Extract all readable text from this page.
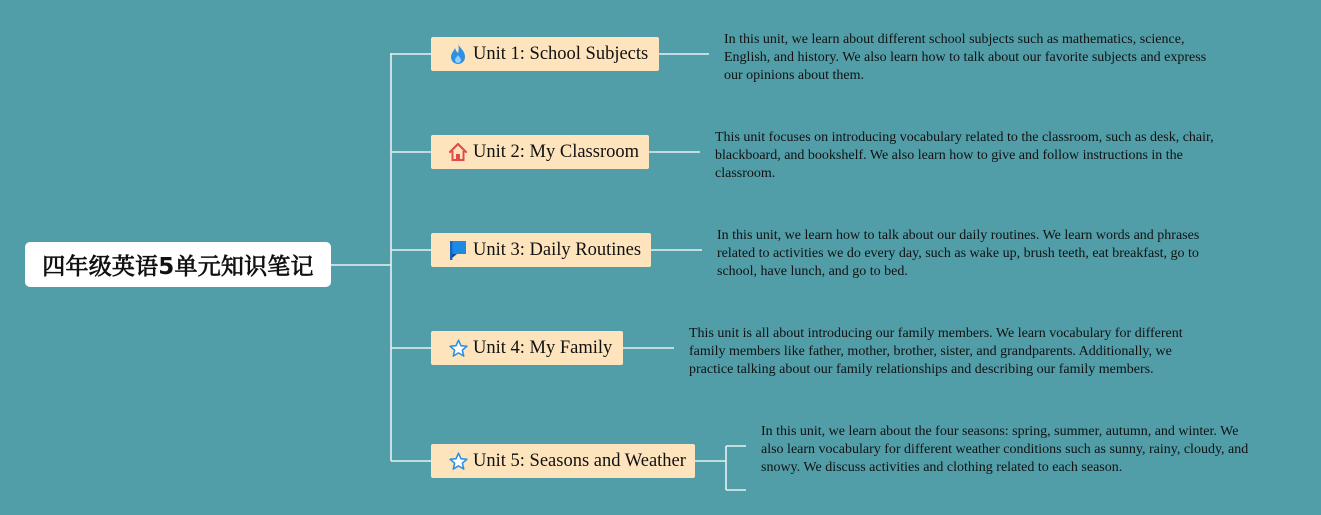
四年级英语5单元知识笔记
Unit 1: School Subjects
In this unit, we learn about different school subjects such as mathematics, science, English, and history. We also learn how to talk about our favorite subjects and express our opinions about them.
Unit 2: My Classroom
This unit focuses on introducing vocabulary related to the classroom, such as desk, chair, blackboard, and bookshelf. We also learn how to give and follow instructions in the classroom.
Unit 3: Daily Routines
In this unit, we learn how to talk about our daily routines. We learn words and phrases related to activities we do every day, such as wake up, brush teeth, eat breakfast, go to school, have lunch, and go to bed.
Unit 4: My Family
This unit is all about introducing our family members. We learn vocabulary for different family members like father, mother, brother, sister, and grandparents. Additionally, we practice talking about our family relationships and describing our family members.
Unit 5: Seasons and Weather
In this unit, we learn about the four seasons: spring, summer, autumn, and winter. We also learn vocabulary for different weather conditions such as sunny, rainy, cloudy, and snowy. We discuss activities and clothing related to each season.
